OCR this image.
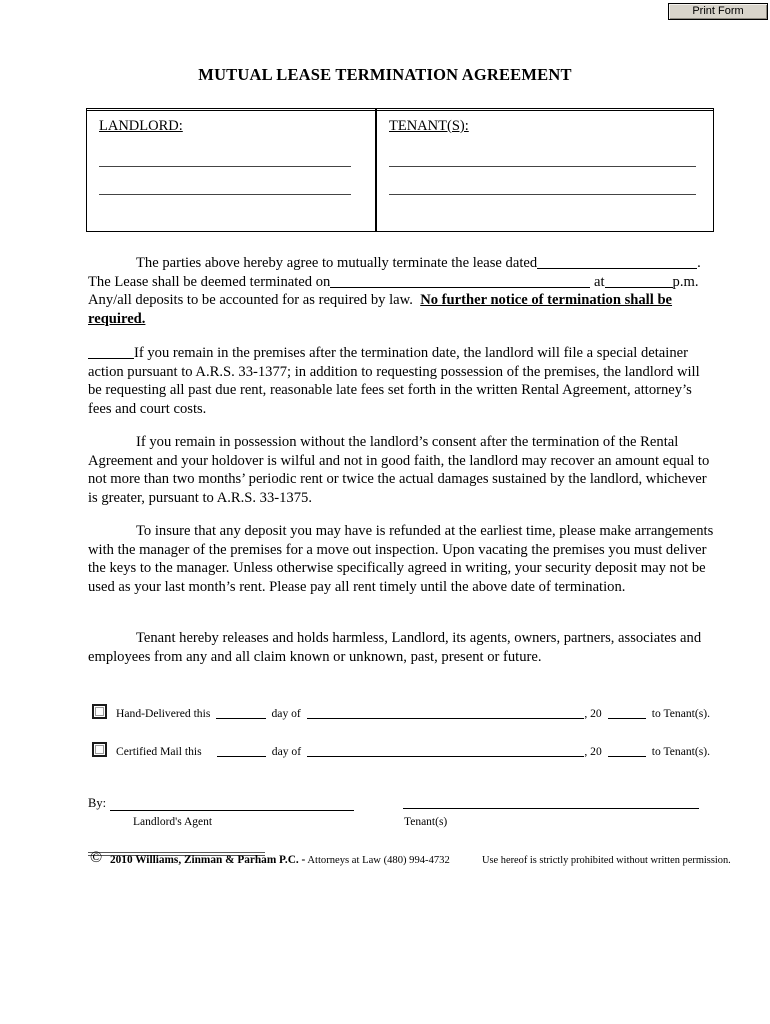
Print Form
MUTUAL LEASE TERMINATION AGREEMENT
LANDLORD:	TENANT(S):

The parties above hereby agree to mutually terminate the lease dated	. The Lease shall be deemed terminated on	at	p.m. Any/all deposits to be accounted for as required by law. No further notice of termination shall be required.

If you remain in the premises after the termination date, the landlord will file a special detainer action pursuant to A.R.S. 33-1377; in addition to requesting possession of the premises, the landlord will be requesting all past due rent, reasonable late fees set forth in the written Rental Agreement, attorney’s fees and court costs.

If you remain in possession without the landlord’s consent after the termination of the Rental Agreement and your holdover is wilful and not in good faith, the landlord may recover an amount equal to not more than two months’ periodic rent or twice the actual damages sustained by the landlord, whichever is greater, pursuant to A.R.S. 33-1375.

To insure that any deposit you may have is refunded at the earliest time, please make arrangements with the manager of the premises for a move out inspection. Upon vacating the premises you must deliver the keys to the manager. Unless otherwise specifically agreed in writing, your security deposit may not be used as your last month’s rent. Please pay all rent timely until the above date of termination.

Tenant hereby releases and holds harmless, Landlord, its agents, owners, partners, associates and employees from any and all claim known or unknown, past, present or future.

Hand-Delivered this	day of	, 20	to Tenant(s).
Certified Mail this	day of	, 20	to Tenant(s).
By:
Landlord's Agent	Tenant(s)
© 2010 Williams, Zinman & Parham P.C. - Attorneys at Law (480) 994-4732	Use hereof is strictly prohibited without written permission.
